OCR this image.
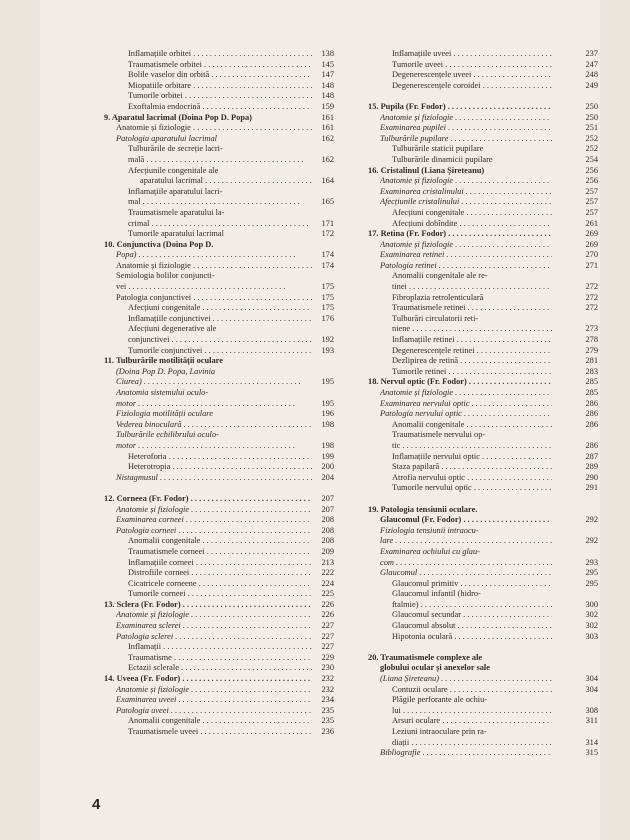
Inflamațiile orbitei . . .	138
Traumatismele orbitei . . .	145
Bolile vaselor din orbită . . .	147
Miopatiile orbitare . . .	148
Tumorile orbitei . . .	148
Exoftalmia endocrină . . .	159
9. Aparatul lacrimal (Doina Pop D. Popa)	161
Anatomie și fiziologie . . .	161
Patologia aparatului lacrimal	162
Tulburările de secreție lacri-
mală . . .	162
Afecțiunile congenitale ale
aparatului lacrimal . . .	164
Inflamațiile aparatului lacri-
mal . . .	165
Traumatismele aparatului la-
crimal . . .	171
Tumorile aparatului lacrimal	172
10. Conjunctiva (Doina Pop D.
Popa) . . .	174
Anatomie și fiziologie . . .	174
Semiologia bolilor conjuncti-
vei . . .	175
Patologia conjunctivei . . .	175
Afecțiuni congenitale . . .	175
Inflamațiile conjunctivei . . .	176
Afecțiuni degenerative ale
conjunctivei . . .	192
Tumorile conjunctivei . . .	193
11. Tulburările motilității oculare
(Doina Pop D. Popa, Lavinia
Ciurea) . . .	195
Anatomia sistemului oculo-
motor . . .	195
Fiziologia motilității oculare	196
Vederea binoculară . . .	198
Tulburările echilibrului oculo-
motor . . .	198
Heteroforia . . .	199
Heterotropia . . .	200
Nistagmusul . . .	204
12. Corneea (Fr. Fodor) . . .	207
Anatomie și fiziologie . . .	207
Examinarea corneei . . .	208
Patologia corneei . . .	208
Anomalii congenitale . . .	208
Traumatismele corneei . . .	209
Inflamațiile corneei . . .	213
Distrofiile corneei . . .	222
Cicatricele corneene . . .	224
Tumorile corneei . . .	225
13. Sclera (Fr. Fodor) . . .	226
Anatomie și fiziologie . . .	226
Examinarea sclerei . . .	227
Patologia sclerei . . .	227
Inflamații . . .	227
Traumatisme . . .	229
Ectazii sclerale . . .	230
14. Uveea (Fr. Fodor) . . .	232
Anatomie și fiziologie . . .	232
Examinarea uveei . . .	234
Patologia uveei . . .	235
Anomalii congenitale . . .	235
Traumatismele uveei . . .	236
Inflamațiile uveei . . .	237
Tumorile uveei . . .	247
Degenerescențele uveei . . .	248
Degenerescențele coroidei . . .	249
15. Pupila (Fr. Fodor) . . .	250
Anatomie și fiziologie . . .	250
Examinarea pupilei . . .	251
Tulburările pupilare . . .	252
Tulburările staticii pupilare	252
Tulburările dinamicii pupilare	254
16. Cristalinul (Liana Șireteanu)	256
Anatomie și fiziologie . . .	256
Examinarea cristalinului . . .	257
Afecțiunile cristalinului . . .	257
Afecțiuni congenitale . . .	257
Afecțiuni dobîndite . . .	261
17. Retina (Fr. Fodor) . . .	269
Anatomie și fiziologie . . .	269
Examinarea retinei . . .	270
Patologia retinei . . .	271
Anomalii congenitale ale re-
tinei . . .	272
Fibroplazia retrolenticulară	272
Traumatismele retinei . . .	272
Tulburări circulatorii reti-
niene . . .	273
Inflamațiile retinei . . .	278
Degenerescențele retinei . . .	279
Dezlipirea de retină . . .	281
Tumorile retinei . . .	283
18. Nervul optic (Fr. Fodor) . . .	285
Anatomie și fiziologie . . .	285
Examinarea nervului optic . . .	286
Patologia nervului optic . . .	286
Anomalii congenitale . . .	286
Traumatismele nervului op-
tic . . .	286
Inflamațiile nervului optic . . .	287
Staza papilară . . .	289
Atrofia nervului optic . . .	290
Tumorile nervului optic . . .	291
19. Patologia tensiunii oculare.
Glaucomul (Fr. Fodor) . . .	292
Fiziologia tensiunii intraocu-
lare . . .	292
Examinarea ochiului cu glau-
com . . .	293
Glaucomul . . .	295
Glaucomul primitiv . . .	295
Glaucomul infantil (hidro-
ftalmie) . . .	300
Glaucomul secundar . . .	302
Glaucomul absolut . . .	302
Hipotonia oculară . . .	303
20. Traumatismele complexe ale
globului ocular și anexelor sale
(Liana Șireteanu) . . .	304
Contuzii oculare . . .	304
Plăgile perforante ale ochiu-
lui . . .	308
Arsuri oculare . . .	311
Leziuni intraoculare prin ra-
diații . . .	314
Bibliografie . . .	315
4
